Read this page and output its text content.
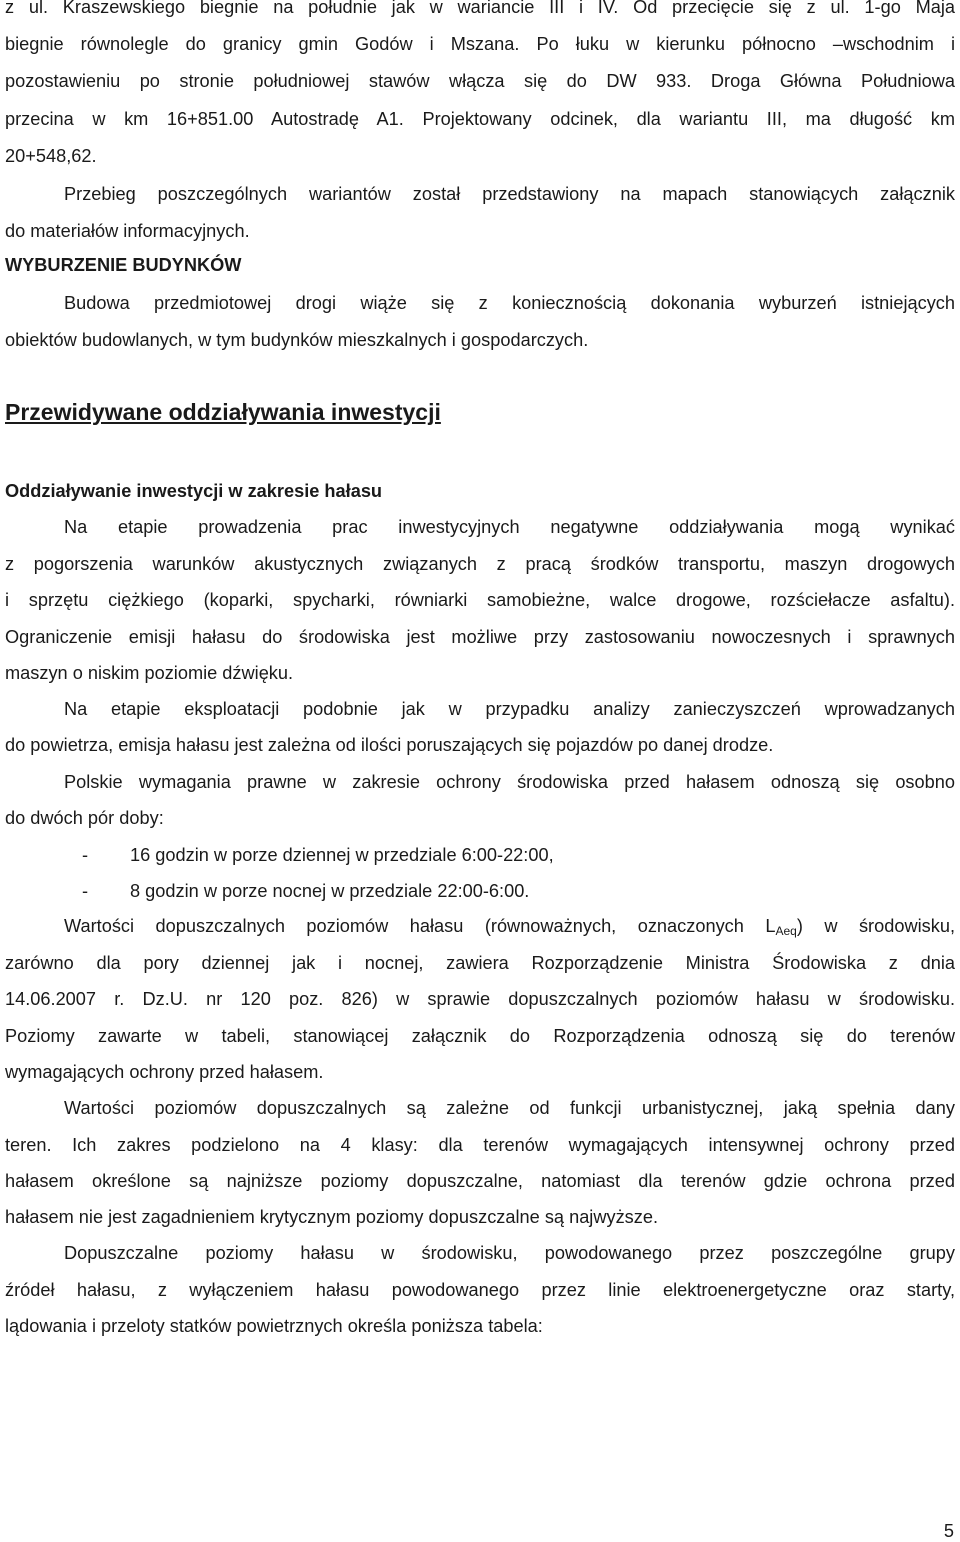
z ul. Kraszewskiego biegnie na południe jak w wariancie III i IV. Od przecięcie się z ul. 1-go Maja
biegnie równolegle do granicy gmin Godów i Mszana. Po łuku w kierunku północno –wschodnim i
pozostawieniu po stronie południowej stawów włącza się do DW 933. Droga Główna Południowa
przecina w km 16+851.00 Autostradę A1. Projektowany odcinek, dla wariantu III, ma długość km
20+548,62.
Przebieg poszczególnych wariantów został przedstawiony na mapach stanowiących załącznik
do materiałów informacyjnych.
WYBURZENIE BUDYNKÓW
Budowa przedmiotowej drogi wiąże się z koniecznością dokonania wyburzeń istniejących
obiektów budowlanych, w tym budynków mieszkalnych i gospodarczych.
Przewidywane oddziaływania inwestycji
Oddziaływanie inwestycji w zakresie hałasu
Na etapie prowadzenia prac inwestycyjnych negatywne oddziaływania mogą wynikać
z pogorszenia warunków akustycznych związanych z pracą środków transportu, maszyn drogowych
i sprzętu ciężkiego (koparki, spycharki, równiarki samobieżne, walce drogowe, rozściełacze asfaltu).
Ograniczenie emisji hałasu do środowiska jest możliwe przy zastosowaniu nowoczesnych i sprawnych
maszyn o niskim poziomie dźwięku.
Na etapie eksploatacji podobnie jak w przypadku analizy zanieczyszczeń wprowadzanych
do powietrza, emisja hałasu jest zależna od ilości poruszających się pojazdów po danej drodze.
Polskie wymagania prawne w zakresie ochrony środowiska przed hałasem odnoszą się osobno
do dwóch pór doby:
- 16 godzin w porze dziennej w przedziale 6:00-22:00,
- 8 godzin w porze nocnej w przedziale 22:00-6:00.
Wartości dopuszczalnych poziomów hałasu (równoważnych, oznaczonych $L_{Aeq}$) w środowisku,
zarówno dla pory dziennej jak i nocnej, zawiera Rozporządzenie Ministra Środowiska z dnia
14.06.2007 r. Dz.U. nr 120 poz. 826) w sprawie dopuszczalnych poziomów hałasu w środowisku.
Poziomy zawarte w tabeli, stanowiącej załącznik do Rozporządzenia odnoszą się do terenów
wymagających ochrony przed hałasem.
Wartości poziomów dopuszczalnych są zależne od funkcji urbanistycznej, jaką spełnia dany
teren. Ich zakres podzielono na 4 klasy: dla terenów wymagających intensywnej ochrony przed
hałasem określone są najniższe poziomy dopuszczalne, natomiast dla terenów gdzie ochrona przed
hałasem nie jest zagadnieniem krytycznym poziomy dopuszczalne są najwyższe.
Dopuszczalne poziomy hałasu w środowisku, powodowanego przez poszczególne grupy
źródeł hałasu, z wyłączeniem hałasu powodowanego przez linie elektroenergetyczne oraz starty,
lądowania i przeloty statków powietrznych określa poniższa tabela:
5
